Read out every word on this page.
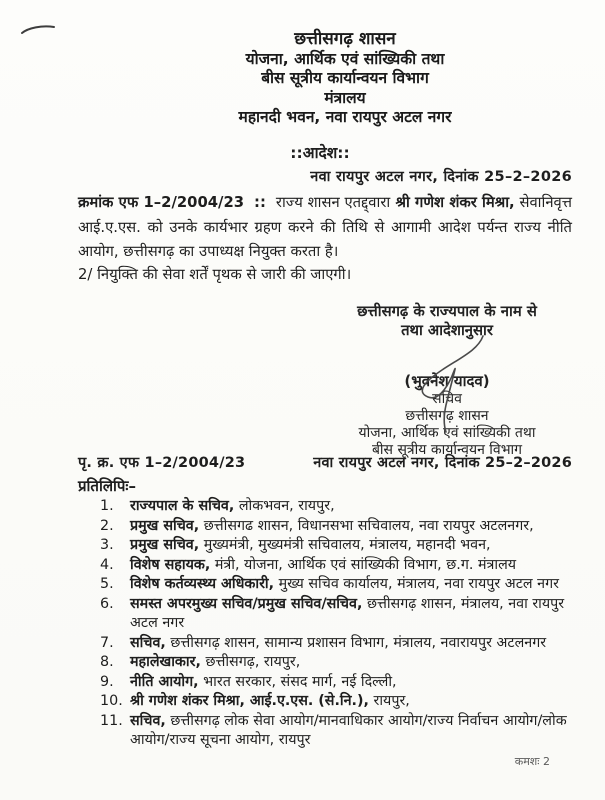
छत्तीसगढ़ शासन
योजना, आर्थिक एवं सांख्यिकी तथा
बीस सूत्रीय कार्यान्वयन विभाग
मंत्रालय
महानदी भवन, नवा रायपुर अटल नगर
::आदेश::
नवा रायपुर अटल नगर, दिनांक 25–2–2026
क्रमांक एफ 1–2/2004/23 :: राज्य शासन एतद्द्वारा श्री गणेश शंकर मिश्रा, सेवानिवृत्त आई.ए.एस. को उनके कार्यभार ग्रहण करने की तिथि से आगामी आदेश पर्यन्त राज्य नीति आयोग, छत्तीसगढ़ का उपाध्यक्ष नियुक्त करता है।
2/ नियुक्ति की सेवा शर्तें पृथक से जारी की जाएगी।
छत्तीसगढ़ के राज्यपाल के नाम से
तथा आदेशानुसार
(भुवनेश यादव)
सचिव
छत्तीसगढ़ शासन
योजना, आर्थिक एवं सांख्यिकी तथा
बीस सूत्रीय कार्यान्वयन विभाग
पृ. क्र. एफ 1–2/2004/23	नवा रायपुर अटल नगर, दिनांक 25–2–2026
प्रतिलिपिः–
1.	राज्यपाल के सचिव, लोकभवन, रायपुर,
2.	प्रमुख सचिव, छत्तीसगढ शासन, विधानसभा सचिवालय, नवा रायपुर अटलनगर,
3.	प्रमुख सचिव, मुख्यमंत्री, मुख्यमंत्री सचिवालय, मंत्रालय, महानदी भवन,
4.	विशेष सहायक, मंत्री, योजना, आर्थिक एवं सांख्यिकी विभाग, छ.ग. मंत्रालय
5.	विशेष कर्तव्यस्थ्य अधिकारी, मुख्य सचिव कार्यालय, मंत्रालय, नवा रायपुर अटल नगर
6.	समस्त अपरमुख्य सचिव/प्रमुख सचिव/सचिव, छत्तीसगढ़ शासन, मंत्रालय, नवा रायपुर अटल नगर
7.	सचिव, छत्तीसगढ़ शासन, सामान्य प्रशासन विभाग, मंत्रालय, नवारायपुर अटलनगर
8.	महालेखाकार, छत्तीसगढ़, रायपुर,
9.	नीति आयोग, भारत सरकार, संसद मार्ग, नई दिल्ली,
10. श्री गणेश शंकर मिश्रा, आई.ए.एस. (से.नि.), रायपुर,
11. सचिव, छत्तीसगढ़ लोक सेवा आयोग/मानवाधिकार आयोग/राज्य निर्वाचन आयोग/लोक आयोग/राज्य सूचना आयोग, रायपुर
कमशः 2
